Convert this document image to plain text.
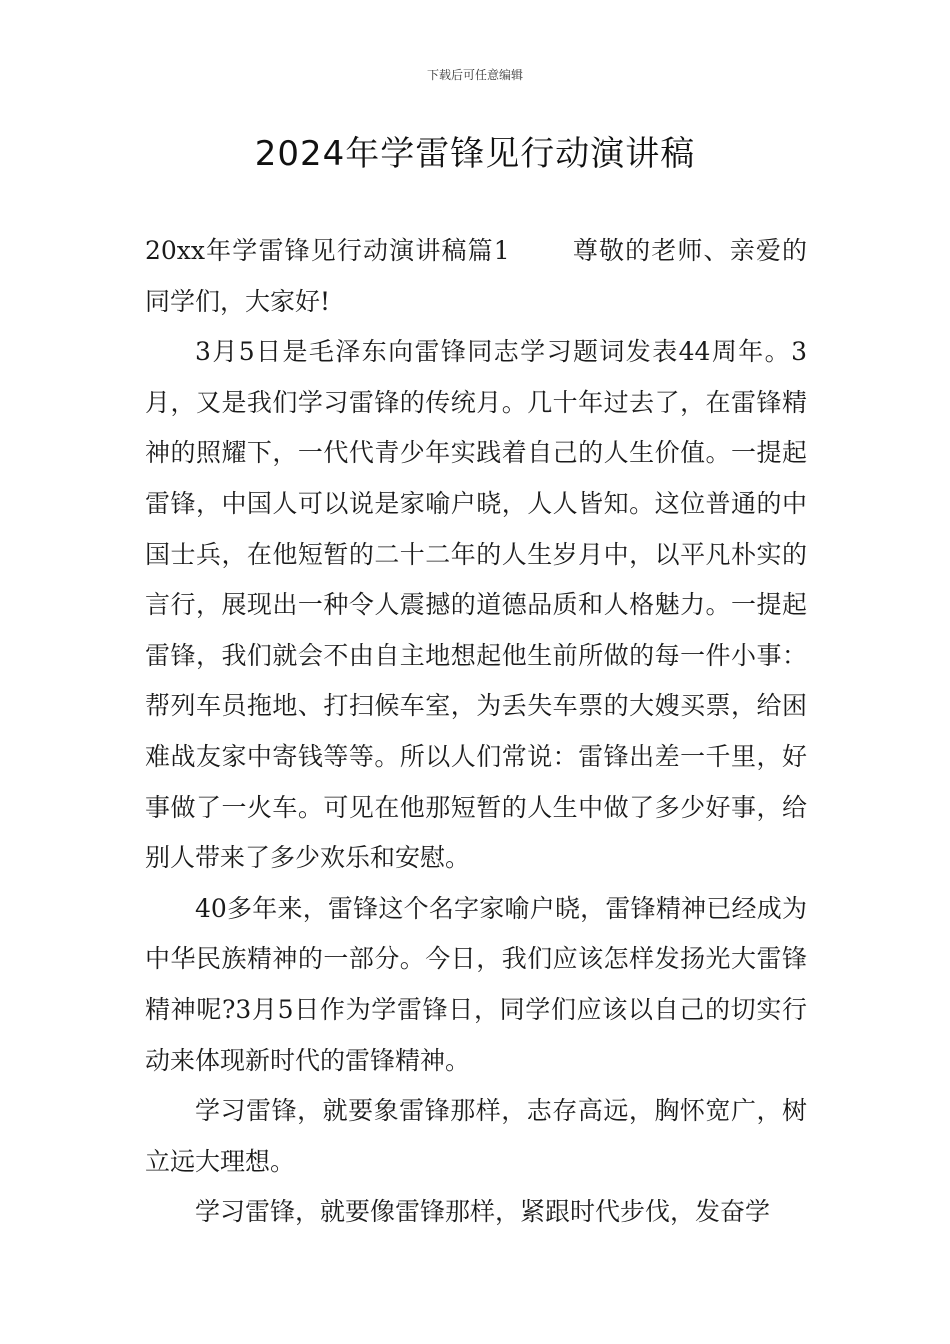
下载后可任意编辑
2024年学雷锋见行动演讲稿

20xx年学雷锋见行动演讲稿篇1 尊敬的老师、亲爱的同学们，大家好!

3月5日是毛泽东向雷锋同志学习题词发表44周年。3月，又是我们学习雷锋的传统月。几十年过去了，在雷锋精神的照耀下，一代代青少年实践着自己的人生价值。一提起雷锋，中国人可以说是家喻户晓，人人皆知。这位普通的中国士兵，在他短暂的二十二年的人生岁月中，以平凡朴实的言行，展现出一种令人震撼的道德品质和人格魅力。一提起雷锋，我们就会不由自主地想起他生前所做的每一件小事：帮列车员拖地、打扫候车室，为丢失车票的大嫂买票，给困难战友家中寄钱等等。所以人们常说：雷锋出差一千里，好事做了一火车。可见在他那短暂的人生中做了多少好事，给别人带来了多少欢乐和安慰。

40多年来，雷锋这个名字家喻户晓，雷锋精神已经成为中华民族精神的一部分。今日，我们应该怎样发扬光大雷锋精神呢?3月5日作为学雷锋日，同学们应该以自己的切实行动来体现新时代的雷锋精神。

学习雷锋，就要象雷锋那样，志存高远，胸怀宽广，树立远大理想。

学习雷锋，就要像雷锋那样，紧跟时代步伐，发奋学
